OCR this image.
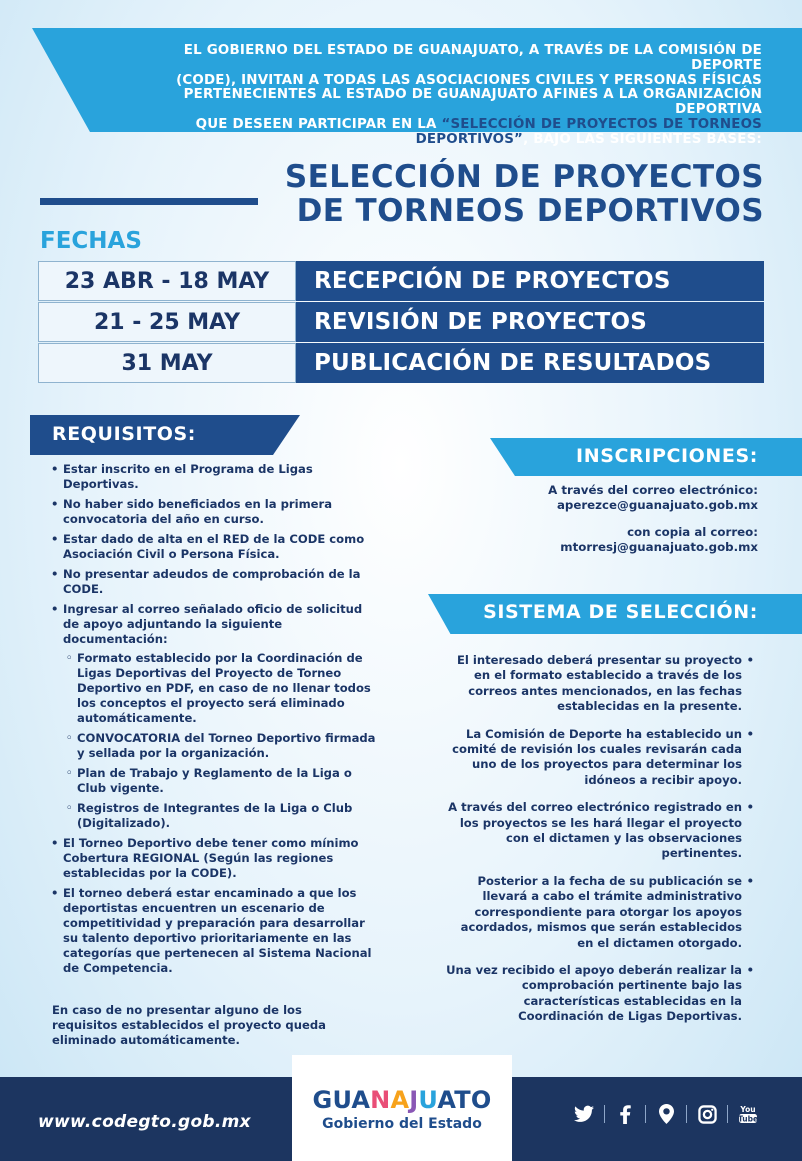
EL GOBIERNO DEL ESTADO DE GUANAJUATO, A TRAVÉS DE LA COMISIÓN DE DEPORTE
(CODE), INVITAN A TODAS LAS ASOCIACIONES CIVILES Y PERSONAS FÍSICAS
PERTENECIENTES AL ESTADO DE GUANAJUATO AFINES A LA ORGANIZACIÓN DEPORTIVA
QUE DESEEN PARTICIPAR EN LA “SELECCIÓN DE PROYECTOS DE TORNEOS
DEPORTIVOS”, BAJO LAS SIGUIENTES BASES:
SELECCIÓN DE PROYECTOS
DE TORNEOS DEPORTIVOS
FECHAS
23 ABR - 18 MAY	RECEPCIÓN DE PROYECTOS
21 - 25 MAY	REVISIÓN DE PROYECTOS
31 MAY	PUBLICACIÓN DE RESULTADOS
REQUISITOS:
• Estar inscrito en el Programa de Ligas Deportivas.
• No haber sido beneficiados en la primera convocatoria del año en curso.
• Estar dado de alta en el RED de la CODE como Asociación Civil o Persona Física.
• No presentar adeudos de comprobación de la CODE.
• Ingresar al correo señalado oficio de solicitud de apoyo adjuntando la siguiente documentación:
◦ Formato establecido por la Coordinación de Ligas Deportivas del Proyecto de Torneo Deportivo en PDF, en caso de no llenar todos los conceptos el proyecto será eliminado automáticamente.
◦ CONVOCATORIA del Torneo Deportivo firmada y sellada por la organización.
◦ Plan de Trabajo y Reglamento de la Liga o Club vigente.
◦ Registros de Integrantes de la Liga o Club (Digitalizado).
• El Torneo Deportivo debe tener como mínimo Cobertura REGIONAL (Según las regiones establecidas por la CODE).
• El torneo deberá estar encaminado a que los deportistas encuentren un escenario de competitividad y preparación para desarrollar su talento deportivo prioritariamente en las categorías que pertenecen al Sistema Nacional de Competencia.
En caso de no presentar alguno de los requisitos establecidos el proyecto queda eliminado automáticamente.
INSCRIPCIONES:
A través del correo electrónico:
aperezce@guanajuato.gob.mx
con copia al correo:
mtorresj@guanajuato.gob.mx
SISTEMA DE SELECCIÓN:
El interesado deberá presentar su proyecto en el formato establecido a través de los correos antes mencionados, en las fechas establecidas en la presente. •
La Comisión de Deporte ha establecido un comité de revisión los cuales revisarán cada uno de los proyectos para determinar los idóneos a recibir apoyo. •
A través del correo electrónico registrado en los proyectos se les hará llegar el proyecto con el dictamen y las observaciones pertinentes. •
Posterior a la fecha de su publicación se llevará a cabo el trámite administrativo correspondiente para otorgar los apoyos acordados, mismos que serán establecidos en el dictamen otorgado. •
Una vez recibido el apoyo deberán realizar la comprobación pertinente bajo las características establecidas en la Coordinación de Ligas Deportivas. •
www.codegto.gob.mx
GUANAJUATO
Gobierno del Estado
You
Tube
